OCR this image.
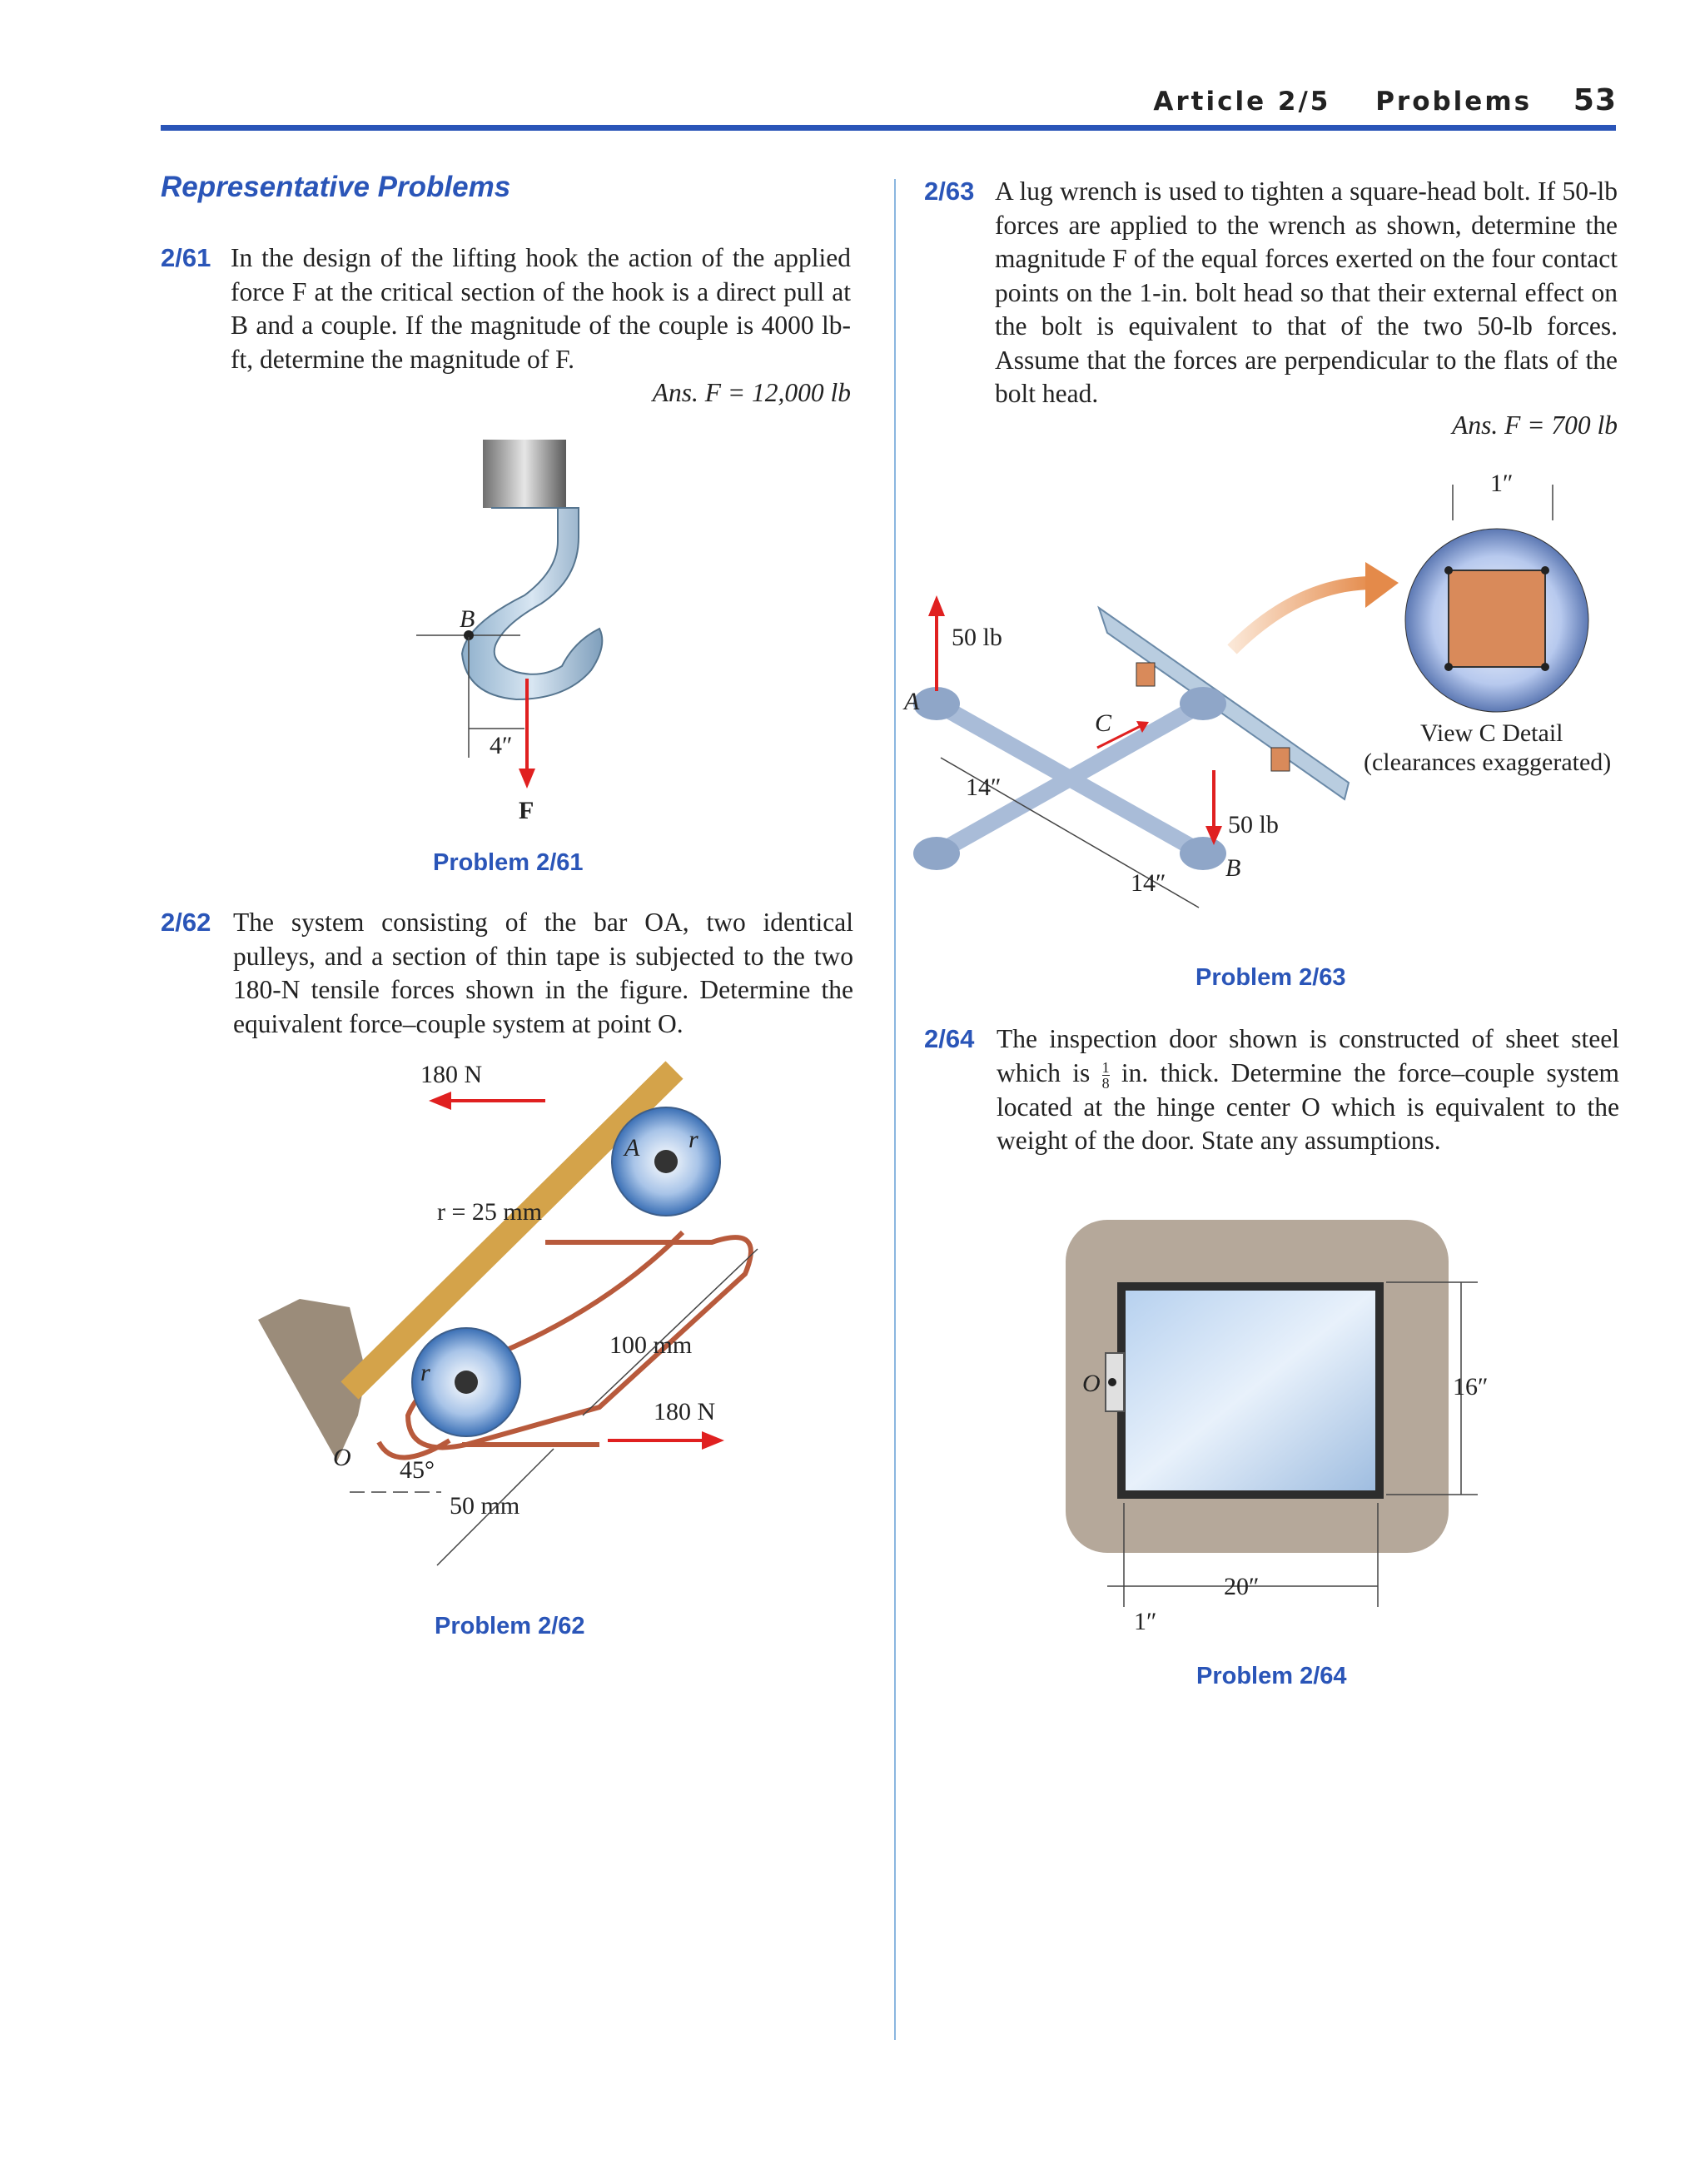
Article 2/5 Problems 53
Representative Problems
2/61 In the design of the lifting hook the action of the applied force F at the critical section of the hook is a direct pull at B and a couple. If the magnitude of the couple is 4000 lb-ft, determine the magnitude of F.
Ans. F = 12,000 lb
B
4″
F
Problem 2/61
2/62 The system consisting of the bar OA, two identical pulleys, and a section of thin tape is subjected to the two 180-N tensile forces shown in the figure. Determine the equivalent force–couple system at point O.
180 N
180 N
r = 25 mm
A r
r
O 45°
100 mm
50 mm
Problem 2/62
2/63 A lug wrench is used to tighten a square-head bolt. If 50-lb forces are applied to the wrench as shown, determine the magnitude F of the equal forces exerted on the four contact points on the 1-in. bolt head so that their external effect on the bolt is equivalent to that of the two 50-lb forces. Assume that the forces are perpendicular to the flats of the bolt head.
Ans. F = 700 lb
50 lb
A
50 lb
B
C
14″
14″
1″
View C Detail
(clearances exaggerated)
Problem 2/63
2/64 The inspection door shown is constructed of sheet steel which is $\frac{1}{8}$ in. thick. Determine the force–couple system located at the hinge center O which is equivalent to the weight of the door. State any assumptions.
O	16″
20″
1″
Problem 2/64
